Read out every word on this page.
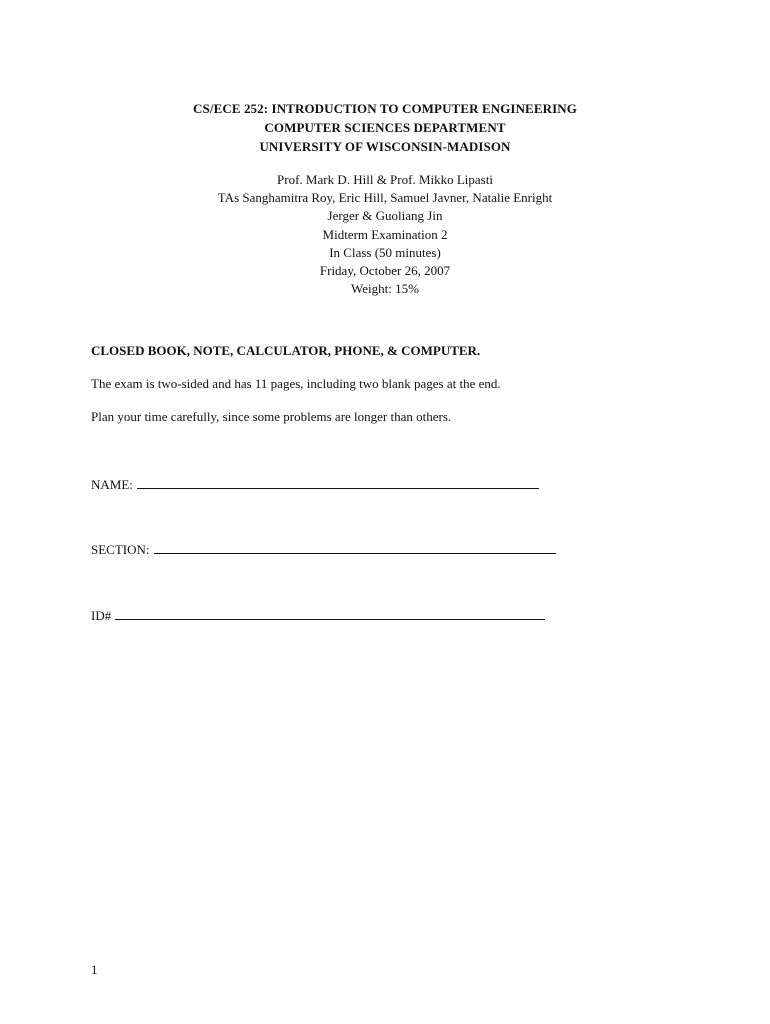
CS/ECE 252: INTRODUCTION TO COMPUTER ENGINEERING
COMPUTER SCIENCES DEPARTMENT
UNIVERSITY OF WISCONSIN-MADISON
Prof. Mark D. Hill & Prof. Mikko Lipasti
TAs Sanghamitra Roy, Eric Hill, Samuel Javner, Natalie Enright
Jerger & Guoliang Jin
Midterm Examination 2
In Class (50 minutes)
Friday, October 26, 2007
Weight: 15%
CLOSED BOOK, NOTE, CALCULATOR, PHONE, & COMPUTER.
The exam is two-sided and has 11 pages, including two blank pages at the end.
Plan your time carefully, since some problems are longer than others.
NAME:
SECTION:
ID#
1
